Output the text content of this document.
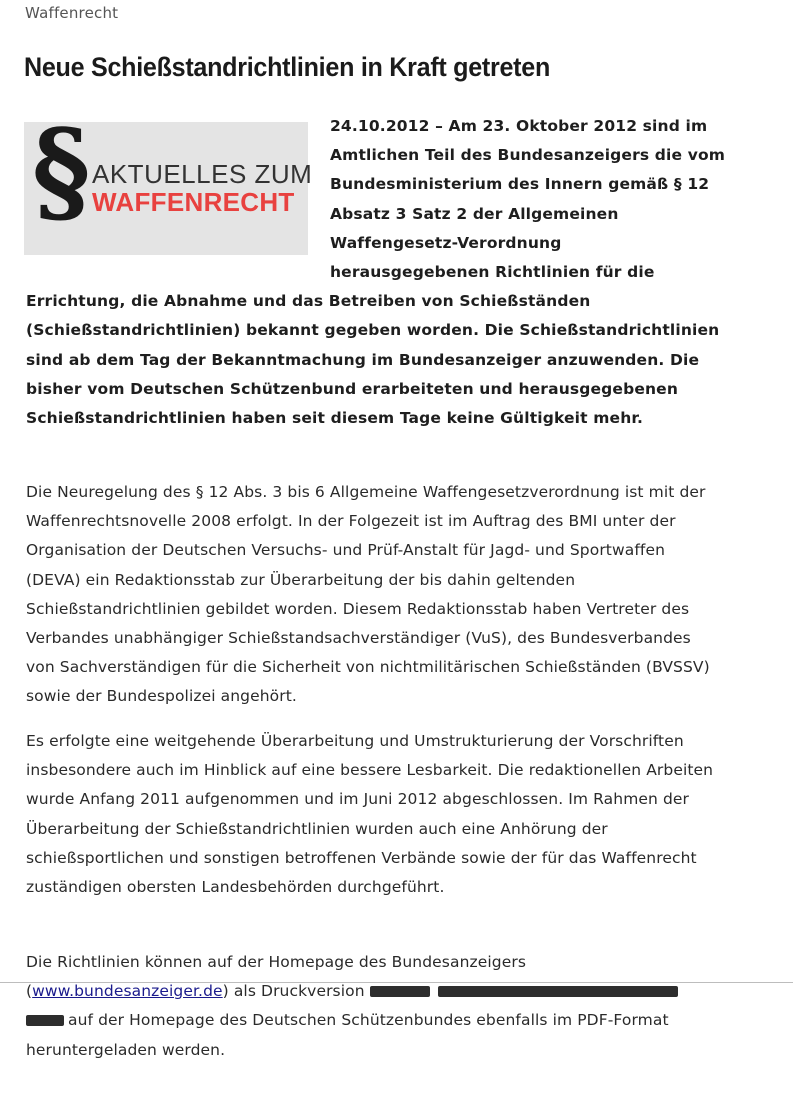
Waffenrecht
Neue Schießstandrichtlinien in Kraft getreten
§ AKTUELLES ZUM
WAFFENRECHT
24.10.2012 – Am 23. Oktober 2012 sind im Amtlichen Teil des Bundesanzeigers die vom Bundesministerium des Innern gemäß § 12 Absatz 3 Satz 2 der Allgemeinen Waffengesetz-Verordnung herausgegebenen Richtlinien für die Errichtung, die Abnahme und das Betreiben von Schießständen (Schießstandrichtlinien) bekannt gegeben worden. Die Schießstandrichtlinien sind ab dem Tag der Bekanntmachung im Bundesanzeiger anzuwenden. Die bisher vom Deutschen Schützenbund erarbeiteten und herausgegebenen Schießstandrichtlinien haben seit diesem Tage keine Gültigkeit mehr.

Die Neuregelung des § 12 Abs. 3 bis 6 Allgemeine Waffengesetzverordnung ist mit der Waffenrechtsnovelle 2008 erfolgt. In der Folgezeit ist im Auftrag des BMI unter der Organisation der Deutschen Versuchs- und Prüf-Anstalt für Jagd- und Sportwaffen (DEVA) ein Redaktionsstab zur Überarbeitung der bis dahin geltenden Schießstandrichtlinien gebildet worden. Diesem Redaktionsstab haben Vertreter des Verbandes unabhängiger Schießstandsachverständiger (VuS), des Bundesverbandes von Sachverständigen für die Sicherheit von nichtmilitärischen Schießständen (BVSSV) sowie der Bundespolizei angehört.

Es erfolgte eine weitgehende Überarbeitung und Umstrukturierung der Vorschriften insbesondere auch im Hinblick auf eine bessere Lesbarkeit. Die redaktionellen Arbeiten wurde Anfang 2011 aufgenommen und im Juni 2012 abgeschlossen. Im Rahmen der Überarbeitung der Schießstandrichtlinien wurden auch eine Anhörung der schießsportlichen und sonstigen betroffenen Verbände sowie der für das Waffenrecht zuständigen obersten Landesbehörden durchgeführt.

Die Richtlinien können auf der Homepage des Bundesanzeigers (www.bundesanzeiger.de) als Druckversion  auf der Homepage des Deutschen Schützenbundes ebenfalls im PDF-Format heruntergeladen werden.
